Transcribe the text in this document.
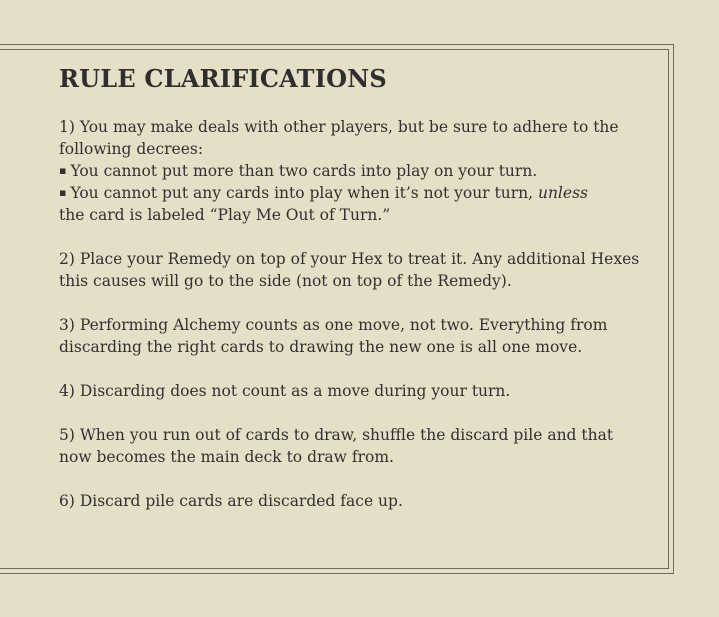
RULE CLARIFICATIONS
1) You may make deals with other players, but be sure to adhere to the following decrees:
▪ You cannot put more than two cards into play on your turn.
▪ You cannot put any cards into play when it’s not your turn, unless
the card is labeled “Play Me Out of Turn.”

2) Place your Remedy on top of your Hex to treat it. Any additional Hexes this causes will go to the side (not on top of the Remedy).

3) Performing Alchemy counts as one move, not two. Everything from discarding the right cards to drawing the new one is all one move.

4) Discarding does not count as a move during your turn.

5) When you run out of cards to draw, shuffle the discard pile and that now becomes the main deck to draw from.

6) Discard pile cards are discarded face up.
